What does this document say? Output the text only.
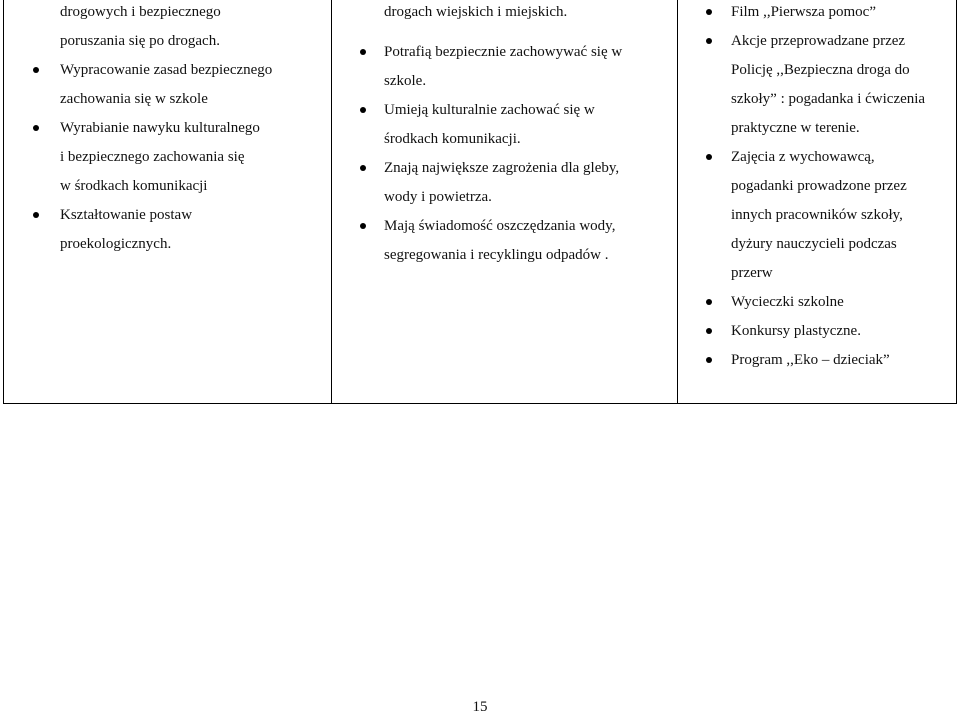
drogowych i bezpiecznego
poruszania się po drogach.
Wypracowanie zasad bezpiecznego
zachowania się w szkole
Wyrabianie nawyku kulturalnego
i bezpiecznego zachowania się
w środkach komunikacji
Kształtowanie postaw
proekologicznych.
drogach wiejskich i miejskich.
Potrafią bezpiecznie zachowywać się w
szkole.
Umieją kulturalnie zachować się w
środkach komunikacji.
Znają największe zagrożenia dla gleby,
wody i powietrza.
Mają świadomość oszczędzania wody,
segregowania i recyklingu odpadów .
Film ,,Pierwsza pomoc”
Akcje przeprowadzane przez
Policję ,,Bezpieczna droga do
szkoły” : pogadanka i ćwiczenia
praktyczne w terenie.
Zajęcia z wychowawcą,
pogadanki prowadzone przez
innych pracowników szkoły,
dyżury nauczycieli podczas
przerw
Wycieczki szkolne
Konkursy plastyczne.
Program ,,Eko – dzieciak”
15
